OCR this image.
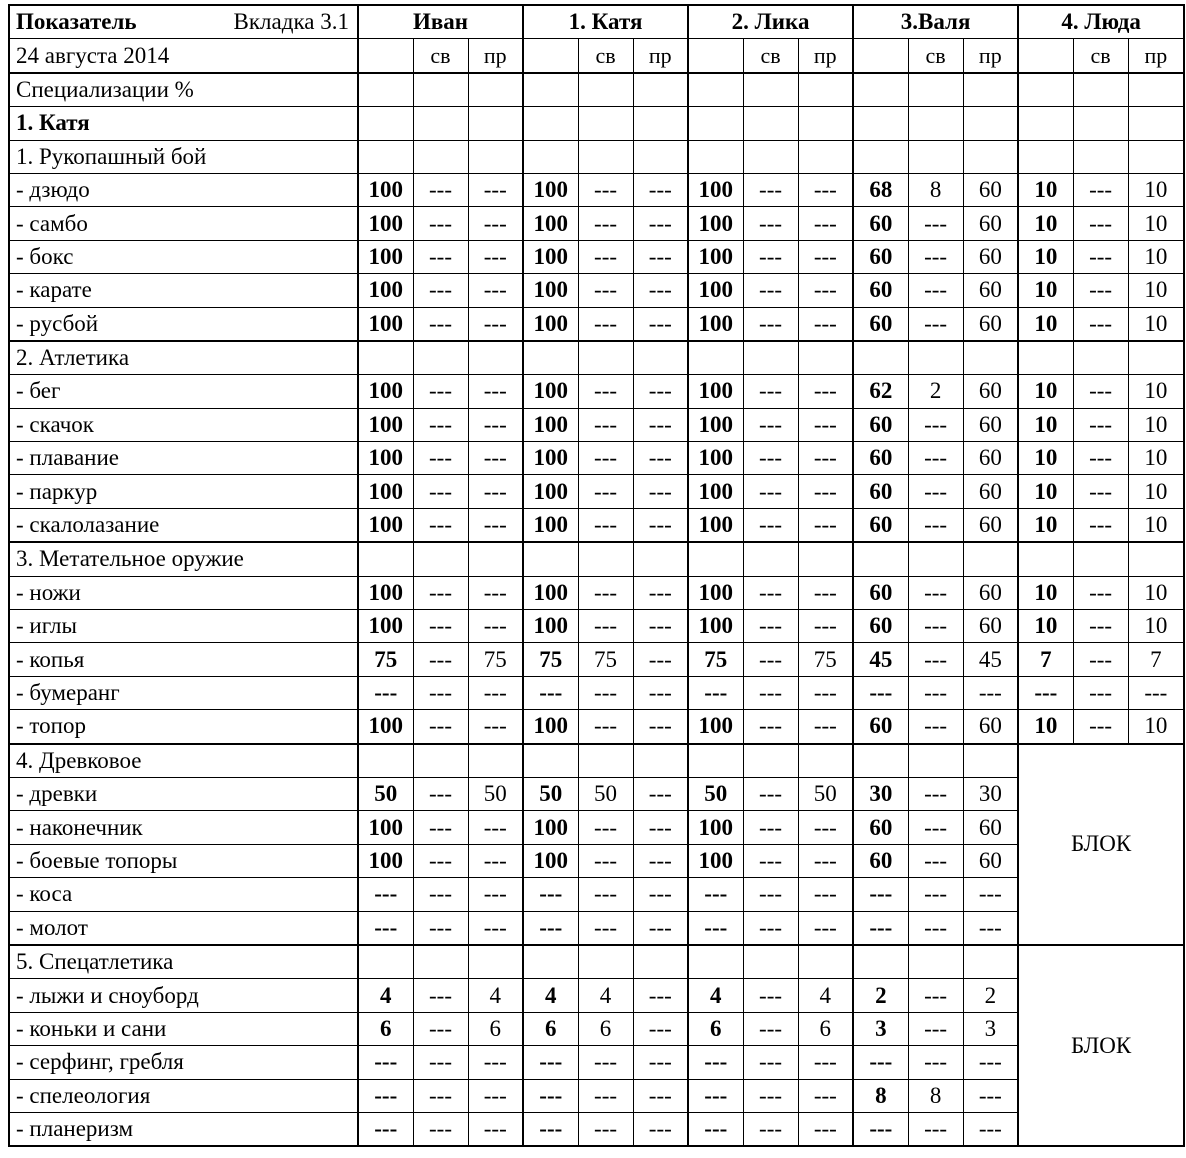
Показатель Вкладка 3.1	Иван			1. Катя			2. Лика			3.Валя			4. Люда		
24 августа 2014		св	пр		св	пр		св	пр		св	пр		св	пр
Специализации %															
1. Катя															
1. Рукопашный бой															
- дзюдо	100	---	---	100	---	---	100	---	---	68	8	60	10	---	10
- самбо	100	---	---	100	---	---	100	---	---	60	---	60	10	---	10
- бокс	100	---	---	100	---	---	100	---	---	60	---	60	10	---	10
- карате	100	---	---	100	---	---	100	---	---	60	---	60	10	---	10
- русбой	100	---	---	100	---	---	100	---	---	60	---	60	10	---	10
2. Атлетика															
- бег	100	---	---	100	---	---	100	---	---	62	2	60	10	---	10
- скачок	100	---	---	100	---	---	100	---	---	60	---	60	10	---	10
- плавание	100	---	---	100	---	---	100	---	---	60	---	60	10	---	10
- паркур	100	---	---	100	---	---	100	---	---	60	---	60	10	---	10
- скалолазание	100	---	---	100	---	---	100	---	---	60	---	60	10	---	10
3. Метательное оружие															
- ножи	100	---	---	100	---	---	100	---	---	60	---	60	10	---	10
- иглы	100	---	---	100	---	---	100	---	---	60	---	60	10	---	10
- копья	75	---	75	75	75	---	75	---	75	45	---	45	7	---	7
- бумеранг	---	---	---	---	---	---	---	---	---	---	---	---	---	---	---
- топор	100	---	---	100	---	---	100	---	---	60	---	60	10	---	10
4. Древковое													БЛОК		
- древки	50	---	50	50	50	---	50	---	50	30	---	30			
- наконечник	100	---	---	100	---	---	100	---	---	60	---	60			
- боевые топоры	100	---	---	100	---	---	100	---	---	60	---	60			
- коса	---	---	---	---	---	---	---	---	---	---	---	---			
- молот	---	---	---	---	---	---	---	---	---	---	---	---			
5. Спецатлетика													БЛОК		
- лыжи и сноуборд	4	---	4	4	4	---	4	---	4	2	---	2			
- коньки и сани	6	---	6	6	6	---	6	---	6	3	---	3			
- серфинг, гребля	---	---	---	---	---	---	---	---	---	---	---	---			
- спелеология	---	---	---	---	---	---	---	---	---	8	8	---			
- планеризм	---	---	---	---	---	---	---	---	---	---	---	---			
